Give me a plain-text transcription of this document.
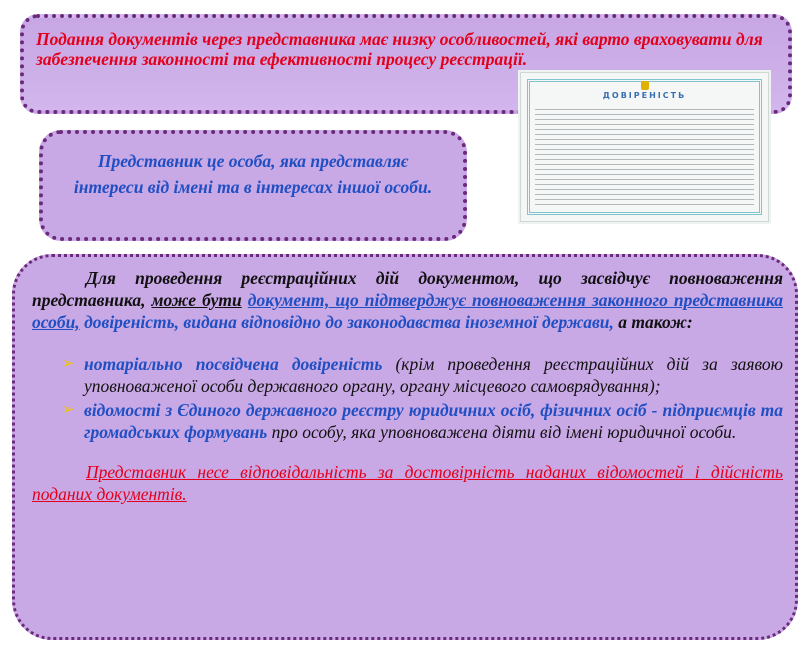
Подання документів через представника має низку особливостей, які варто враховувати для забезпечення законності та ефективності процесу реєстрації.

ДОВІРЕНІСТЬ

Представник це особа, яка представляє інтереси від імені та в інтересах іншої особи.

Для проведення реєстраційних дій документом, що засвідчує повноваження представника, може бути документ, що підтверджує повноваження законного представника особи, довіреність, видана відповідно до законодавства іноземної держави, а також:

➢ нотаріально посвідчена довіреність (крім проведення реєстраційних дій за заявою уповноваженої особи державного органу, органу місцевого самоврядування);
➢ відомості з Єдиного державного реєстру юридичних осіб, фізичних осіб - підприємців та громадських формувань про особу, яка уповноважена діяти від імені юридичної особи.

Представник несе відповідальність за достовірність наданих відомостей і дійсність поданих документів.
